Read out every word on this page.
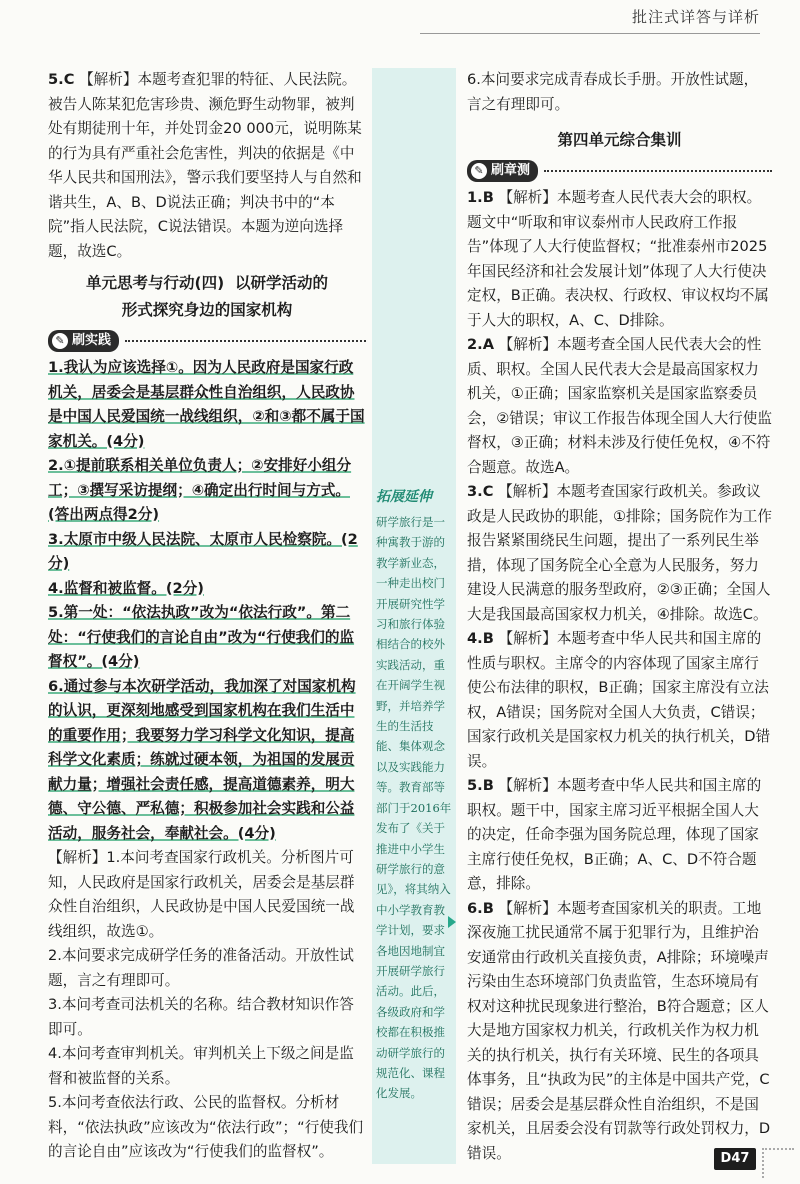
批注式详答与详析

5.C 【解析】本题考查犯罪的特征、人民法院。被告人陈某犯危害珍贵、濒危野生动物罪，被判处有期徒刑十年，并处罚金20 000元，说明陈某的行为具有严重社会危害性，判决的依据是《中华人民共和国刑法》，警示我们要坚持人与自然和谐共生，A、B、D说法正确；判决书中的“本院”指人民法院，C说法错误。本题为逆向选择题，故选C。

单元思考与行动(四)  以研学活动的
形式探究身边的国家机构
✎ 刷实践

1.我认为应该选择①。因为人民政府是国家行政机关，居委会是基层群众性自治组织，人民政协是中国人民爱国统一战线组织，②和③都不属于国家机关。(4分)

2.①提前联系相关单位负责人；②安排好小组分工；③撰写采访提纲；④确定出行时间与方式。(答出两点得2分)

3.太原市中级人民法院、太原市人民检察院。(2分)

4.监督和被监督。(2分)

5.第一处：“依法执政”改为“依法行政”。第二处：“行使我们的言论自由”改为“行使我们的监督权”。(4分)

6.通过参与本次研学活动，我加深了对国家机构的认识，更深刻地感受到国家机构在我们生活中的重要作用；我要努力学习科学文化知识，提高科学文化素质；练就过硬本领，为祖国的发展贡献力量；增强社会责任感，提高道德素养，明大德、守公德、严私德；积极参加社会实践和公益活动，服务社会，奉献社会。(4分)

【解析】1.本问考查国家行政机关。分析图片可知，人民政府是国家行政机关，居委会是基层群众性自治组织，人民政协是中国人民爱国统一战线组织，故选①。

2.本问要求完成研学任务的准备活动。开放性试题，言之有理即可。

3.本问考查司法机关的名称。结合教材知识作答即可。

4.本问考查审判机关。审判机关上下级之间是监督和被监督的关系。

5.本问考查依法行政、公民的监督权。分析材料，“依法执政”应该改为“依法行政”；“行使我们的言论自由”应该改为“行使我们的监督权”。

拓展延伸
研学旅行是一种寓教于游的教学新业态，一种走出校门开展研究性学习和旅行体验相结合的校外实践活动，重在开阔学生视野，并培养学生的生活技能、集体观念以及实践能力等。教育部等部门于2016年发布了《关于推进中小学生研学旅行的意见》，将其纳入中小学教育教学计划，要求各地因地制宜开展研学旅行活动。此后，各级政府和学校都在积极推动研学旅行的规范化、课程化发展。

6.本问要求完成青春成长手册。开放性试题，言之有理即可。

第四单元综合集训
✎ 刷章测

1.B 【解析】本题考查人民代表大会的职权。题文中“听取和审议泰州市人民政府工作报告”体现了人大行使监督权；“批准泰州市2025年国民经济和社会发展计划”体现了人大行使决定权，B正确。表决权、行政权、审议权均不属于人大的职权，A、C、D排除。

2.A 【解析】本题考查全国人民代表大会的性质、职权。全国人民代表大会是最高国家权力机关，①正确；国家监察机关是国家监察委员会，②错误；审议工作报告体现全国人大行使监督权，③正确；材料未涉及行使任免权，④不符合题意。故选A。

3.C 【解析】本题考查国家行政机关。参政议政是人民政协的职能，①排除；国务院作为工作报告紧紧围绕民生问题，提出了一系列民生举措，体现了国务院全心全意为人民服务，努力建设人民满意的服务型政府，②③正确；全国人大是我国最高国家权力机关，④排除。故选C。

4.B 【解析】本题考查中华人民共和国主席的性质与职权。主席令的内容体现了国家主席行使公布法律的职权，B正确；国家主席没有立法权，A错误；国务院对全国人大负责，C错误；国家行政机关是国家权力机关的执行机关，D错误。

5.B 【解析】本题考查中华人民共和国主席的职权。题干中，国家主席习近平根据全国人大的决定，任命李强为国务院总理，体现了国家主席行使任免权，B正确；A、C、D不符合题意，排除。

6.B 【解析】本题考查国家机关的职责。工地深夜施工扰民通常不属于犯罪行为，且维护治安通常由行政机关直接负责，A排除；环境噪声污染由生态环境部门负责监管，生态环境局有权对这种扰民现象进行整治，B符合题意；区人大是地方国家权力机关，行政机关作为权力机关的执行机关，执行有关环境、民生的各项具体事务，且“执政为民”的主体是中国共产党，C错误；居委会是基层群众性自治组织，不是国家机关，且居委会没有罚款等行政处罚权力，D错误。	D47
